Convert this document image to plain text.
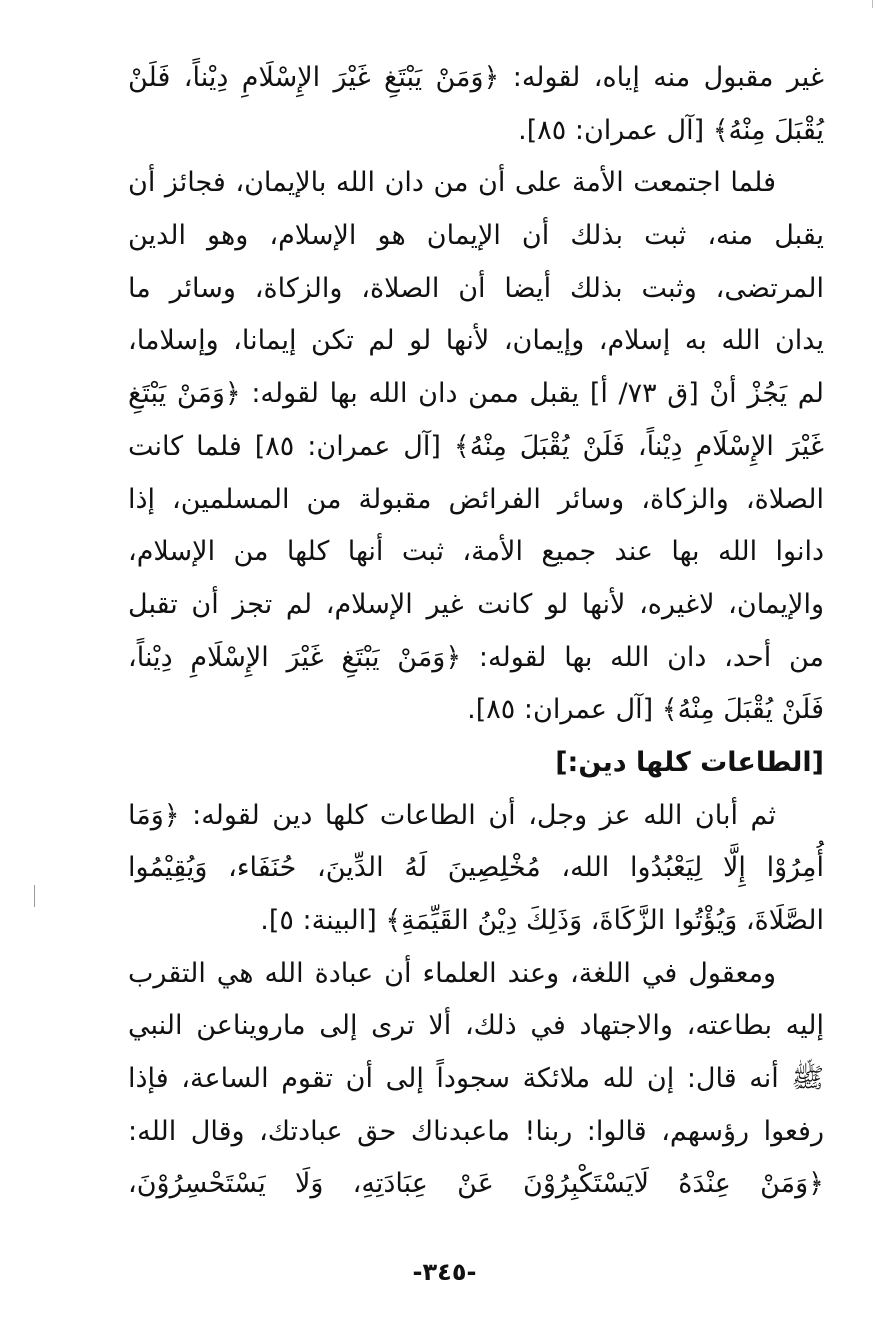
غير مقبول منه إياه، لقوله: ﴿وَمَنْ يَبْتَغِ غَيْرَ الإِسْلَامِ دِيْناً، فَلَنْ
يُقْبَلَ مِنْهُ﴾ [آل عمران: ٨٥].
فلما اجتمعت الأمة على أن من دان الله بالإيمان، فجائز أن
يقبل منه، ثبت بذلك أن الإيمان هو الإسلام، وهو الدين
المرتضى، وثبت بذلك أيضا أن الصلاة، والزكاة، وسائر ما
يدان الله به إسلام، وإيمان، لأنها لو لم تكن إيمانا، وإسلاما،
لم يَجُزْ أنْ [ق ٧٣/ أ] يقبل ممن دان الله بها لقوله: ﴿وَمَنْ يَبْتَغِ
غَيْرَ الإِسْلَامِ دِيْناً، فَلَنْ يُقْبَلَ مِنْهُ﴾ [آل عمران: ٨٥] فلما كانت
الصلاة، والزكاة، وسائر الفرائض مقبولة من المسلمين، إذا
دانوا الله بها عند جميع الأمة، ثبت أنها كلها من الإسلام،
والإيمان، لاغيره، لأنها لو كانت غير الإسلام، لم تجز أن تقبل
من أحد، دان الله بها لقوله: ﴿وَمَنْ يَبْتَغِ غَيْرَ الإِسْلَامِ دِيْناً،
فَلَنْ يُقْبَلَ مِنْهُ﴾ [آل عمران: ٨٥].
[الطاعات كلها دين:]
ثم أبان الله عز وجل، أن الطاعات كلها دين لقوله: ﴿وَمَا
أُمِرُوْا إِلَّا لِيَعْبُدُوا الله، مُخْلِصِينَ لَهُ الدِّينَ، حُنَفَاء، وَيُقِيْمُوا
الصَّلَاةَ، وَيُؤْتُوا الزَّكَاةَ، وَذَلِكَ دِيْنُ القَيِّمَةِ﴾ [البينة: ٥].
ومعقول في اللغة، وعند العلماء أن عبادة الله هي التقرب
إليه بطاعته، والاجتهاد في ذلك، ألا ترى إلى مارويناعن النبي
ﷺ أنه قال: إن لله ملائكة سجوداً إلى أن تقوم الساعة، فإذا
رفعوا رؤسهم، قالوا: ربنا! ماعبدناك حق عبادتك، وقال الله:
﴿وَمَنْ عِنْدَهُ لَايَسْتَكْبِرُوْنَ عَنْ عِبَادَتِهِ، وَلَا يَسْتَحْسِرُوْنَ،
-٣٤٥-
